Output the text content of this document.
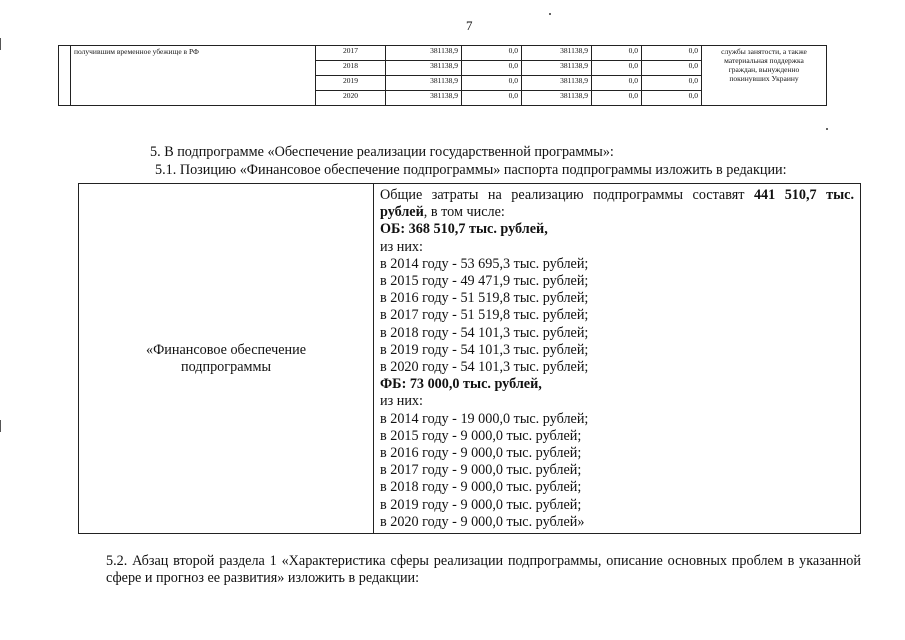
7
	получившим временное убежище в РФ	2017	381138,9	0,0	381138,9	0,0	0,0	службы занятости, а также
материальная поддержка
граждан, вынужденно
покинувших Украину

		2018	381138,9	0,0	381138,9	0,0	0,0	
		2019	381138,9	0,0	381138,9	0,0	0,0	
		2020	381138,9	0,0	381138,9	0,0	0,0	
5. В подпрограмме «Обеспечение реализации государственной программы»:
5.1. Позицию «Финансовое обеспечение подпрограммы» паспорта подпрограммы изложить в редакции:
«Финансовое обеспечение
подпрограммы

Общие затраты на реализацию подпрограммы составят 441 510,7 тыс. рублей, в том числе:
ОБ: 368 510,7 тыс. рублей,
из них:
в 2014 году - 53 695,3 тыс. рублей;
в 2015 году - 49 471,9 тыс. рублей;
в 2016 году - 51 519,8 тыс. рублей;
в 2017 году - 51 519,8 тыс. рублей;
в 2018 году - 54 101,3 тыс. рублей;
в 2019 году - 54 101,3 тыс. рублей;
в 2020 году - 54 101,3 тыс. рублей;
ФБ: 73 000,0 тыс. рублей,
из них:
в 2014 году - 19 000,0 тыс. рублей;
в 2015 году - 9 000,0 тыс. рублей;
в 2016 году - 9 000,0 тыс. рублей;
в 2017 году - 9 000,0 тыс. рублей;
в 2018 году - 9 000,0 тыс. рублей;
в 2019 году - 9 000,0 тыс. рублей;
в 2020 году - 9 000,0 тыс. рублей»
5.2. Абзац второй раздела 1 «Характеристика сферы реализации подпрограммы, описание основных проблем в указанной сфере и прогноз ее развития» изложить в редакции:
